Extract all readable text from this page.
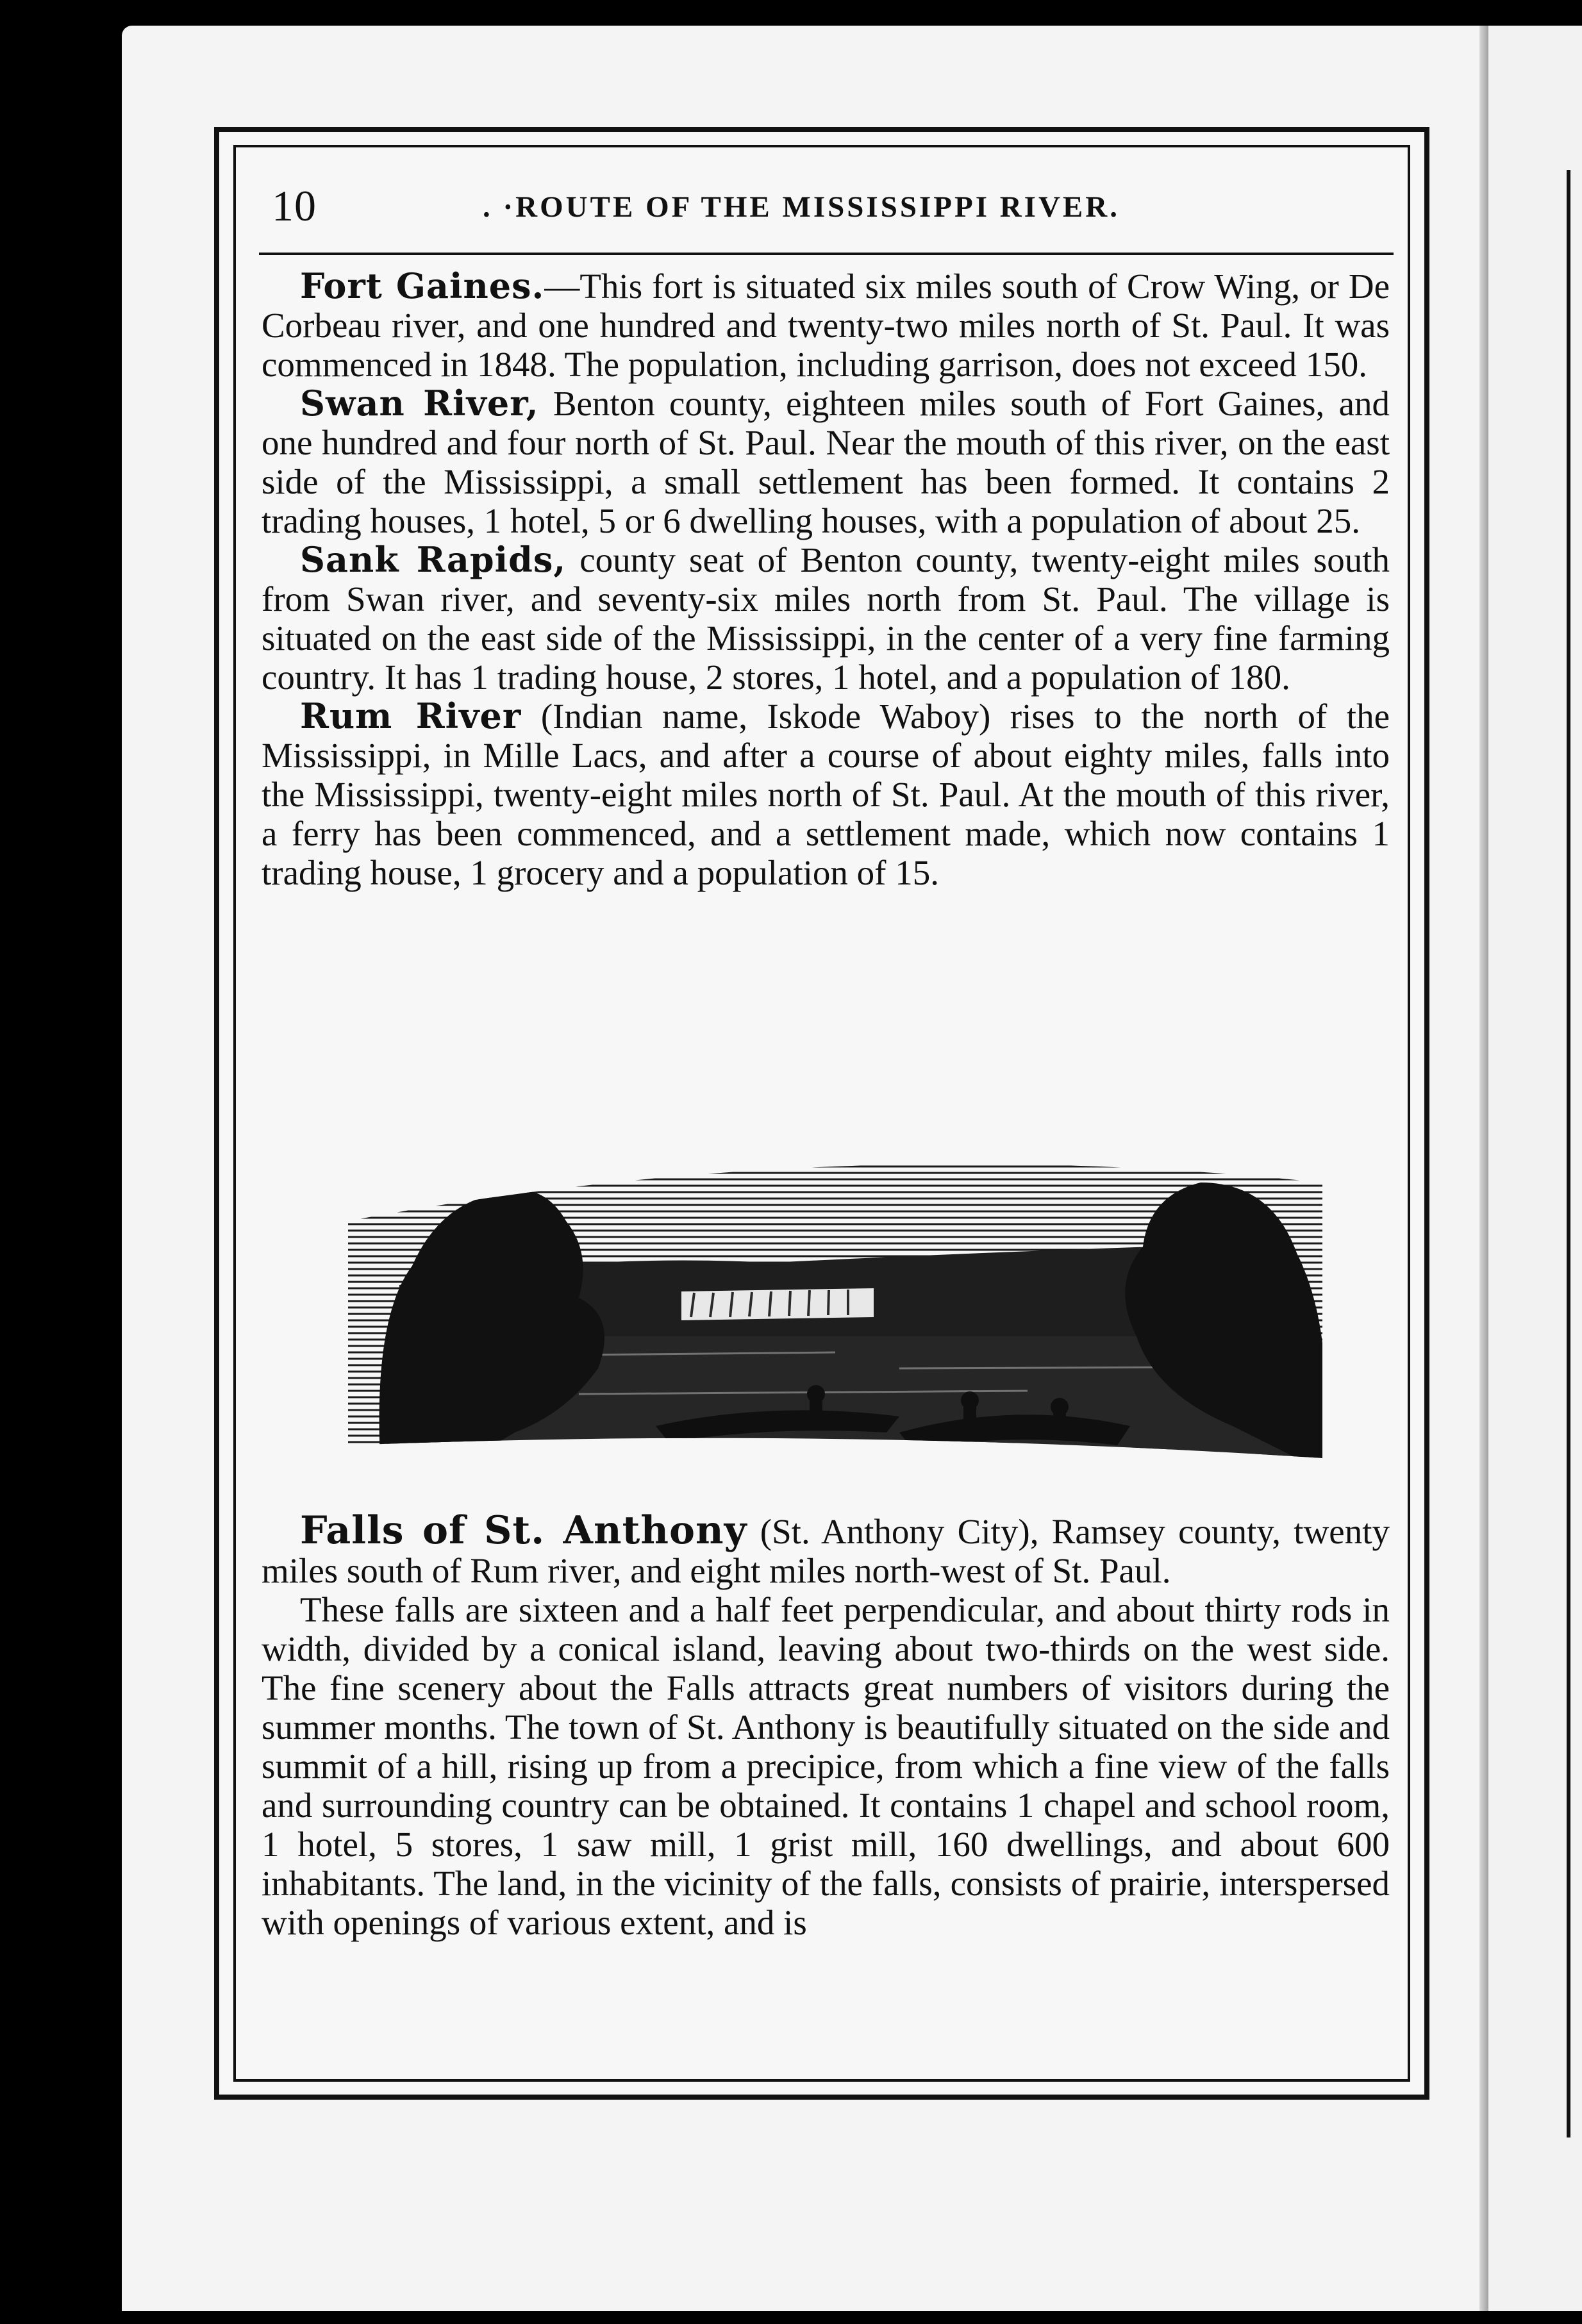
10	. ·ROUTE OF THE MISSISSIPPI RIVER.

Fort Gaines.—This fort is situated six miles south of Crow Wing, or De Corbeau river, and one hundred and twenty-two miles north of St. Paul. It was commenced in 1848. The population, including garrison, does not exceed 150.

Swan River, Benton county, eighteen miles south of Fort Gaines, and one hundred and four north of St. Paul. Near the mouth of this river, on the east side of the Mississippi, a small settlement has been formed. It contains 2 trading houses, 1 hotel, 5 or 6 dwelling houses, with a population of about 25.

Sank Rapids, county seat of Benton county, twenty-eight miles south from Swan river, and seventy-six miles north from St. Paul. The village is situated on the east side of the Mississippi, in the center of a very fine farming country. It has 1 trading house, 2 stores, 1 hotel, and a population of 180.

Rum River (Indian name, Iskode Waboy) rises to the north of the Mississippi, in Mille Lacs, and after a course of about eighty miles, falls into the Mississippi, twenty-eight miles north of St. Paul. At the mouth of this river, a ferry has been commenced, and a settlement made, which now contains 1 trading house, 1 grocery and a population of 15.

Falls of St. Anthony (St. Anthony City), Ramsey county, twenty miles south of Rum river, and eight miles north-west of St. Paul.

These falls are sixteen and a half feet perpendicular, and about thirty rods in width, divided by a conical island, leaving about two-thirds on the west side. The fine scenery about the Falls attracts great numbers of visitors during the summer months. The town of St. Anthony is beautifully situated on the side and summit of a hill, rising up from a precipice, from which a fine view of the falls and surrounding country can be obtained. It contains 1 chapel and school room, 1 hotel, 5 stores, 1 saw mill, 1 grist mill, 160 dwellings, and about 600 inhabitants. The land, in the vicinity of the falls, consists of prairie, interspersed with openings of various extent, and is
